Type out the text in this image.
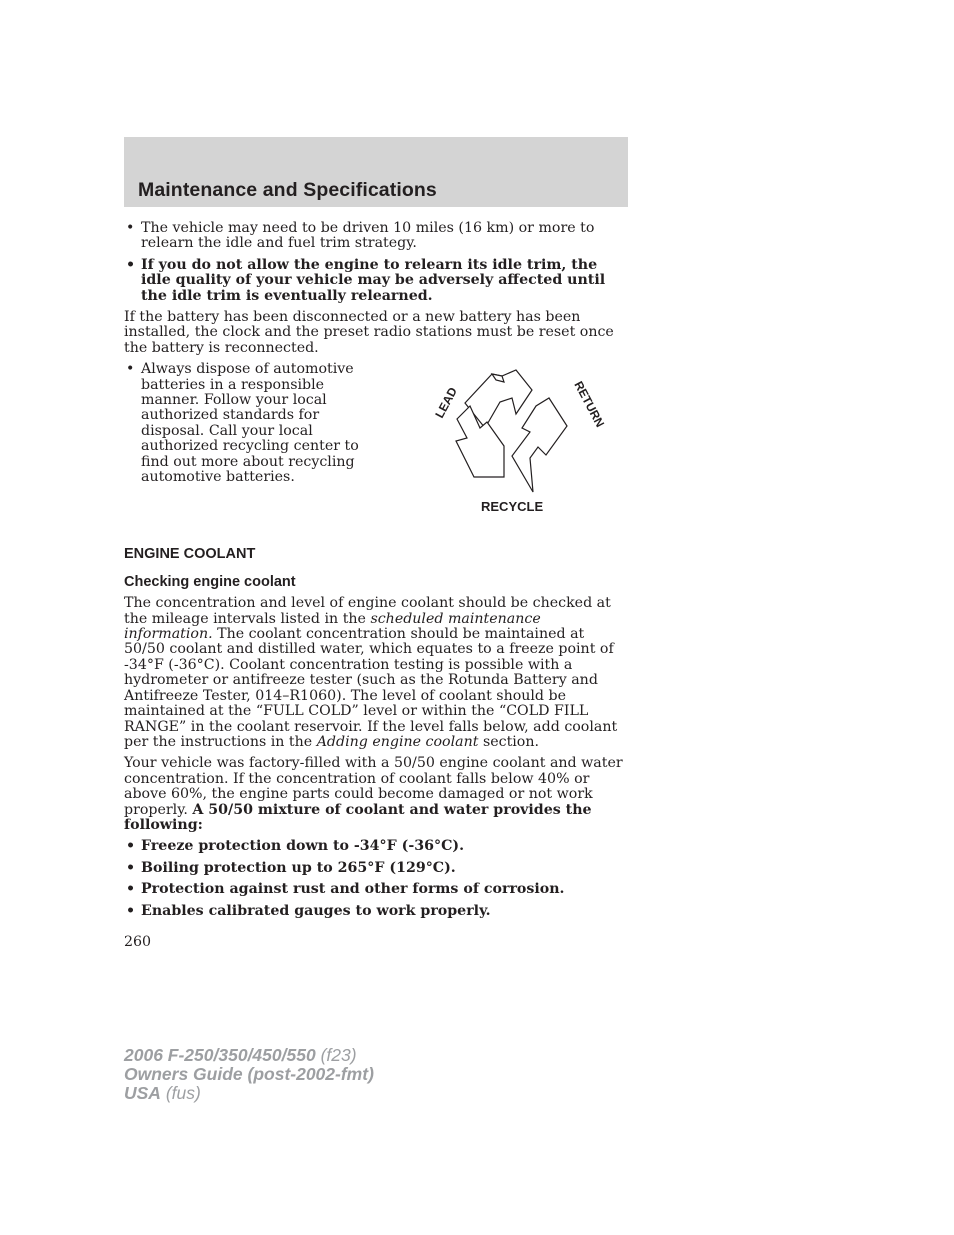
Maintenance and Specifications
• The vehicle may need to be driven 10 miles (16 km) or more to relearn the idle and fuel trim strategy.
• If you do not allow the engine to relearn its idle trim, the idle quality of your vehicle may be adversely affected until the idle trim is eventually relearned.

If the battery has been disconnected or a new battery has been installed, the clock and the preset radio stations must be reset once the battery is reconnected.

• Always dispose of automotive batteries in a responsible manner. Follow your local authorized standards for disposal. Call your local authorized recycling center to find out more about recycling automotive batteries.
LEAD	RETURN
RECYCLE
ENGINE COOLANT
Checking engine coolant

The concentration and level of engine coolant should be checked at the mileage intervals listed in the scheduled maintenance information. The coolant concentration should be maintained at 50/50 coolant and distilled water, which equates to a freeze point of -34°F (-36°C). Coolant concentration testing is possible with a hydrometer or antifreeze tester (such as the Rotunda Battery and Antifreeze Tester, 014–R1060). The level of coolant should be maintained at the “FULL COLD” level or within the “COLD FILL RANGE” in the coolant reservoir. If the level falls below, add coolant per the instructions in the Adding engine coolant section.

Your vehicle was factory-filled with a 50/50 engine coolant and water concentration. If the concentration of coolant falls below 40% or above 60%, the engine parts could become damaged or not work properly. A 50/50 mixture of coolant and water provides the following:

• Freeze protection down to -34°F (-36°C).
• Boiling protection up to 265°F (129°C).
• Protection against rust and other forms of corrosion.
• Enables calibrated gauges to work properly.
260
2006 F-250/350/450/550 (f23)
Owners Guide (post-2002-fmt)
USA (fus)
